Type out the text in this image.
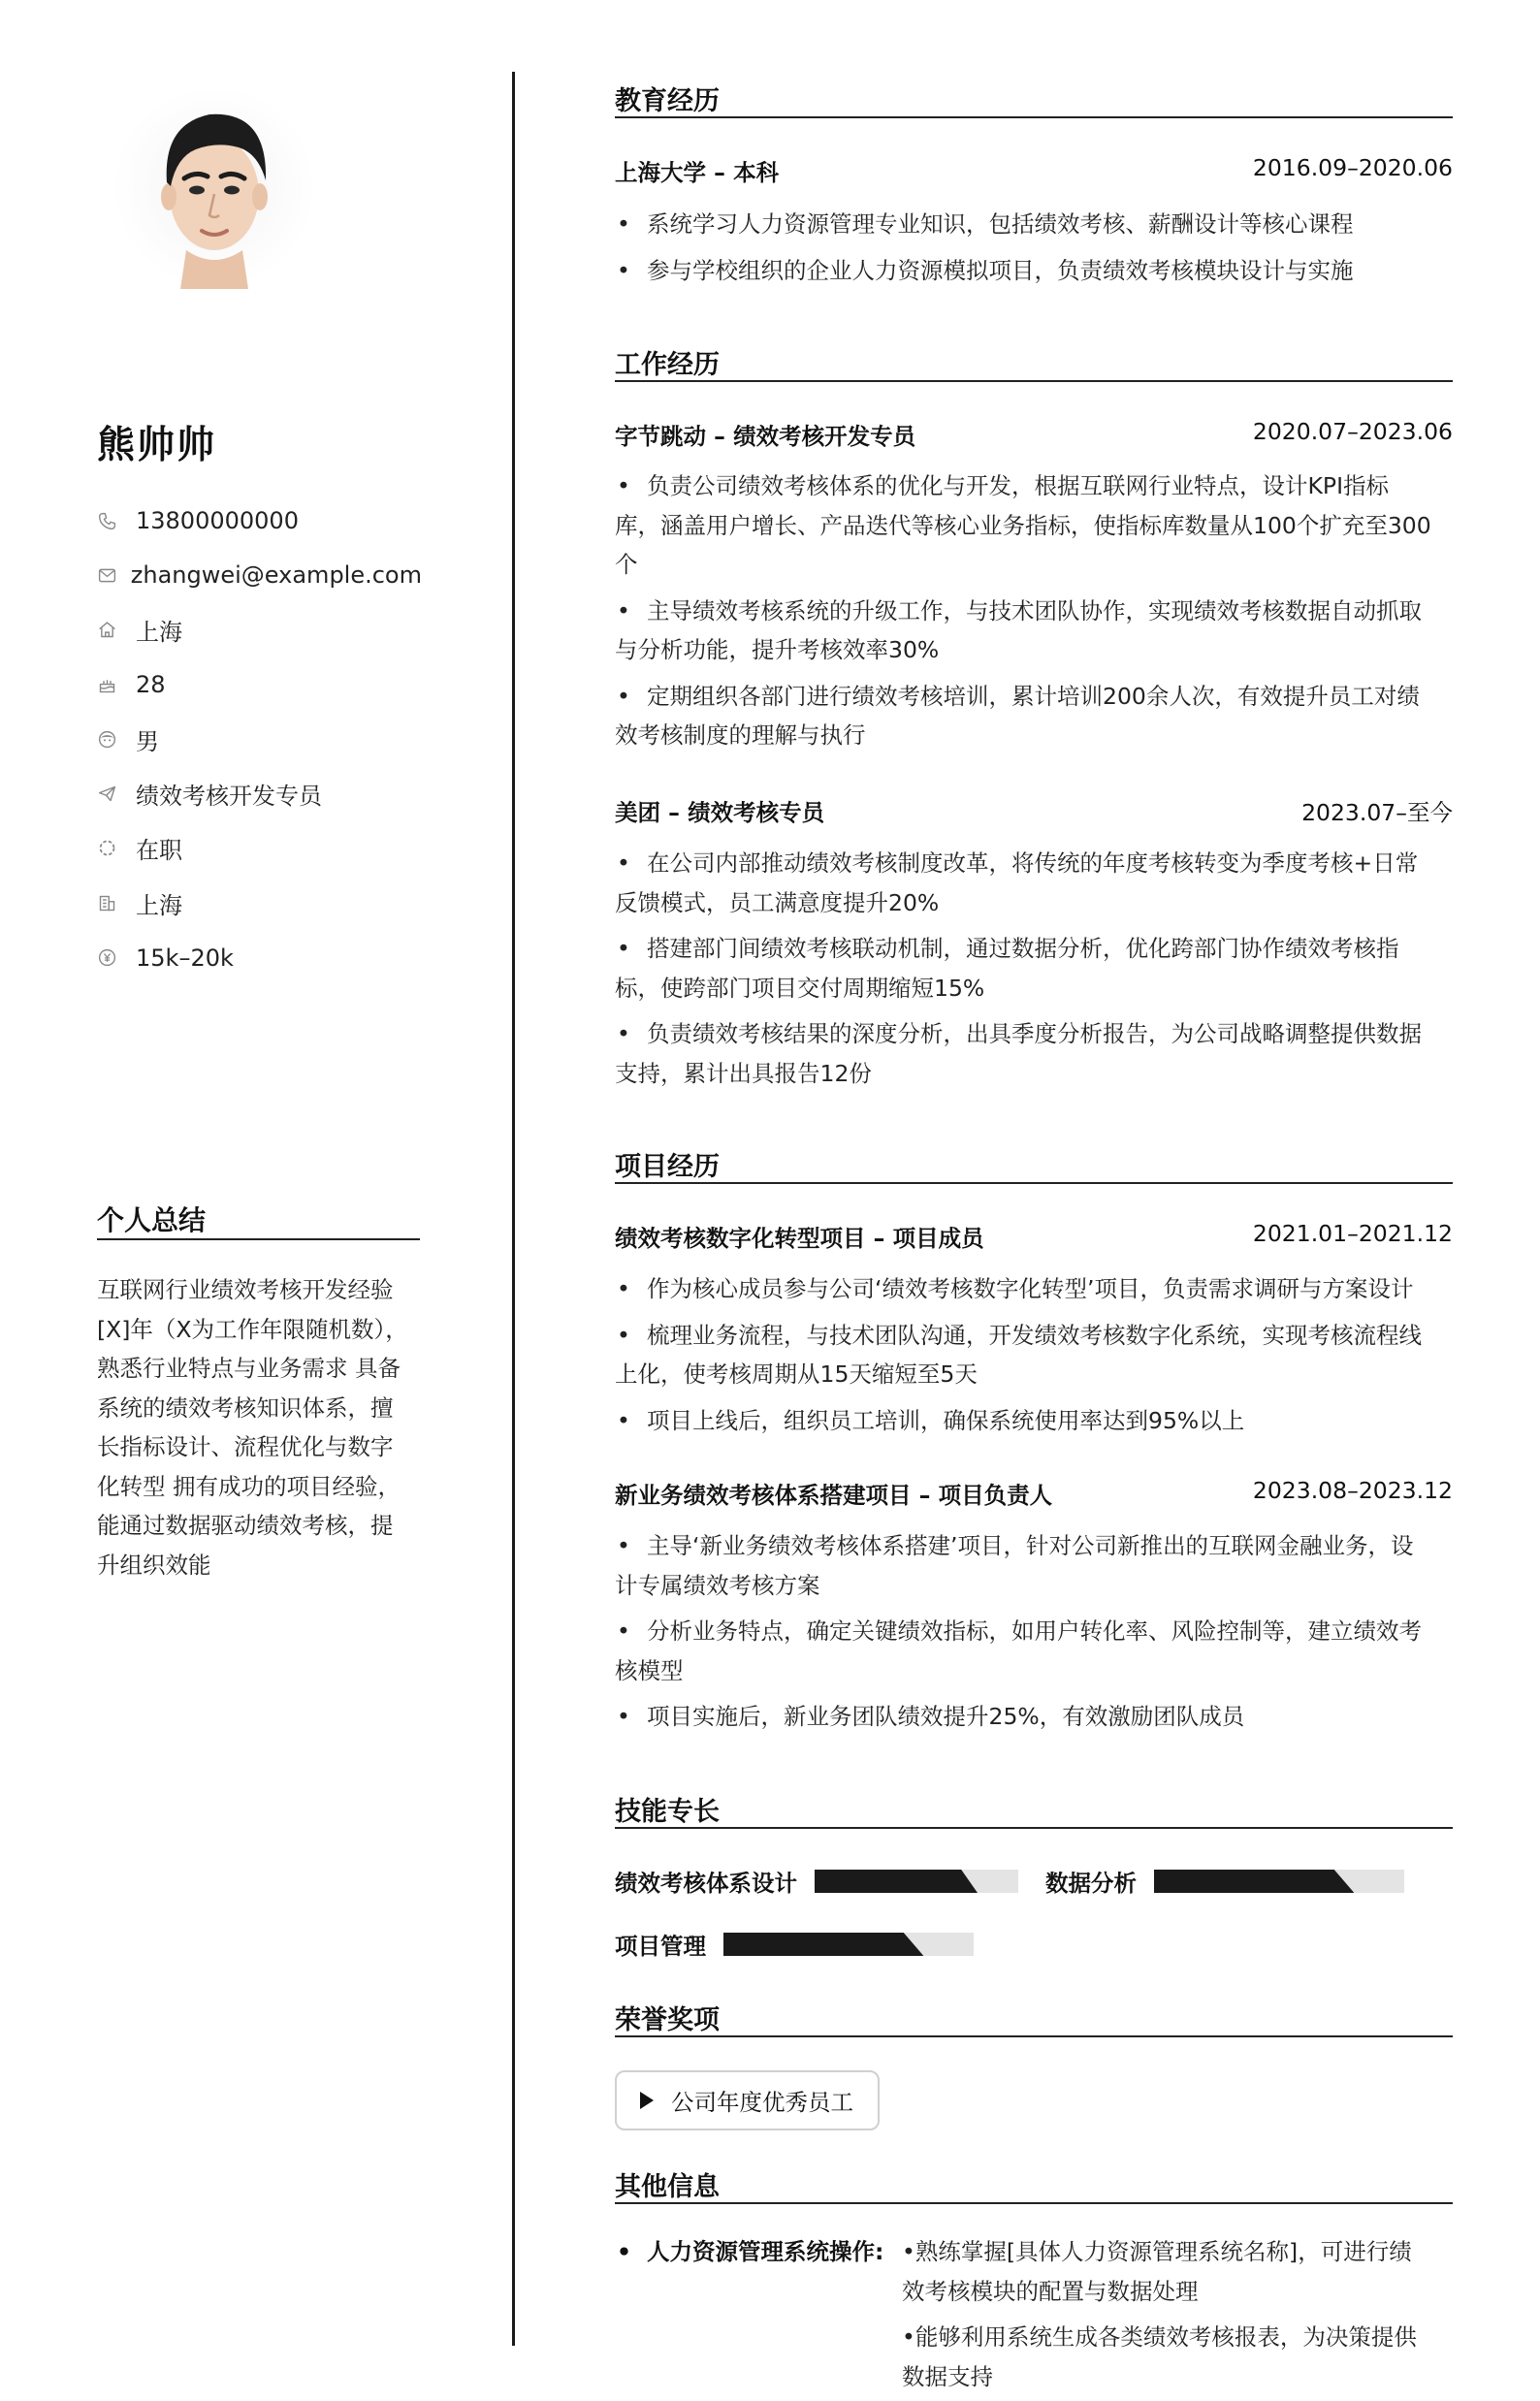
熊帅帅
13800000000
zhangwei@example.com
上海
28
男
绩效考核开发专员
在职
上海
15k–20k
个人总结
互联网行业绩效考核开发经验
[X]年（X为工作年限随机数），
熟悉行业特点与业务需求 具备
系统的绩效考核知识体系，擅
长指标设计、流程优化与数字
化转型 拥有成功的项目经验，
能通过数据驱动绩效考核，提
升组织效能
教育经历
上海大学 – 本科	2016.09–2020.06
• 系统学习人力资源管理专业知识，包括绩效考核、薪酬设计等核心课程
• 参与学校组织的企业人力资源模拟项目，负责绩效考核模块设计与实施
工作经历
字节跳动 – 绩效考核开发专员	2020.07–2023.06
• 负责公司绩效考核体系的优化与开发，根据互联网行业特点，设计KPI指标
库，涵盖用户增长、产品迭代等核心业务指标，使指标库数量从100个扩充至300
个
• 主导绩效考核系统的升级工作，与技术团队协作，实现绩效考核数据自动抓取
与分析功能，提升考核效率30%
• 定期组织各部门进行绩效考核培训，累计培训200余人次，有效提升员工对绩
效考核制度的理解与执行
美团 – 绩效考核专员	2023.07–至今
• 在公司内部推动绩效考核制度改革，将传统的年度考核转变为季度考核+日常
反馈模式，员工满意度提升20%
• 搭建部门间绩效考核联动机制，通过数据分析，优化跨部门协作绩效考核指
标，使跨部门项目交付周期缩短15%
• 负责绩效考核结果的深度分析，出具季度分析报告，为公司战略调整提供数据
支持，累计出具报告12份
项目经历
绩效考核数字化转型项目 – 项目成员	2021.01–2021.12
• 作为核心成员参与公司‘绩效考核数字化转型’项目，负责需求调研与方案设计
• 梳理业务流程，与技术团队沟通，开发绩效考核数字化系统，实现考核流程线
上化，使考核周期从15天缩短至5天
• 项目上线后，组织员工培训，确保系统使用率达到95%以上
新业务绩效考核体系搭建项目 – 项目负责人	2023.08–2023.12
• 主导‘新业务绩效考核体系搭建’项目，针对公司新推出的互联网金融业务，设
计专属绩效考核方案
• 分析业务特点，确定关键绩效指标，如用户转化率、风险控制等，建立绩效考
核模型
• 项目实施后，新业务团队绩效提升25%，有效激励团队成员
技能专长
绩效考核体系设计	数据分析
项目管理
荣誉奖项
公司年度优秀员工
其他信息
• 人力资源管理系统操作: •熟练掌握[具体人力资源管理系统名称]，可进行绩
效考核模块的配置与数据处理
•能够利用系统生成各类绩效考核报表，为决策提供
数据支持
